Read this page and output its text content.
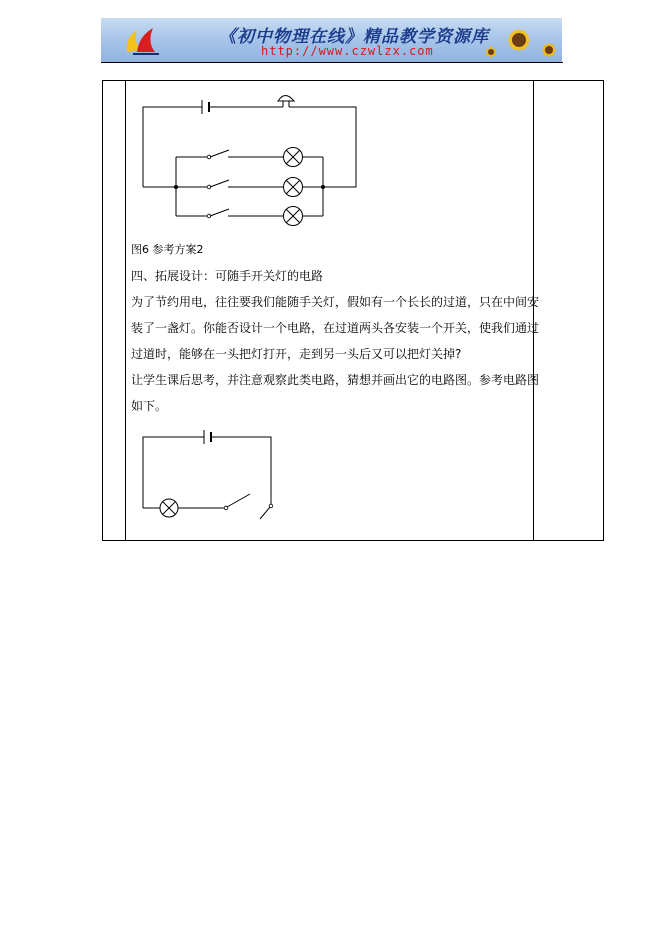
《初中物理在线》精品教学资源库
http://www.czwlzx.com
图6 参考方案2
四、拓展设计：可随手开关灯的电路
为了节约用电，往往要我们能随手关灯，假如有一个长长的过道，只在中间安
装了一盏灯。你能否设计一个电路，在过道两头各安装一个开关，使我们通过
过道时，能够在一头把灯打开，走到另一头后又可以把灯关掉?
让学生课后思考，并注意观察此类电路，猜想并画出它的电路图。参考电路图
如下。
